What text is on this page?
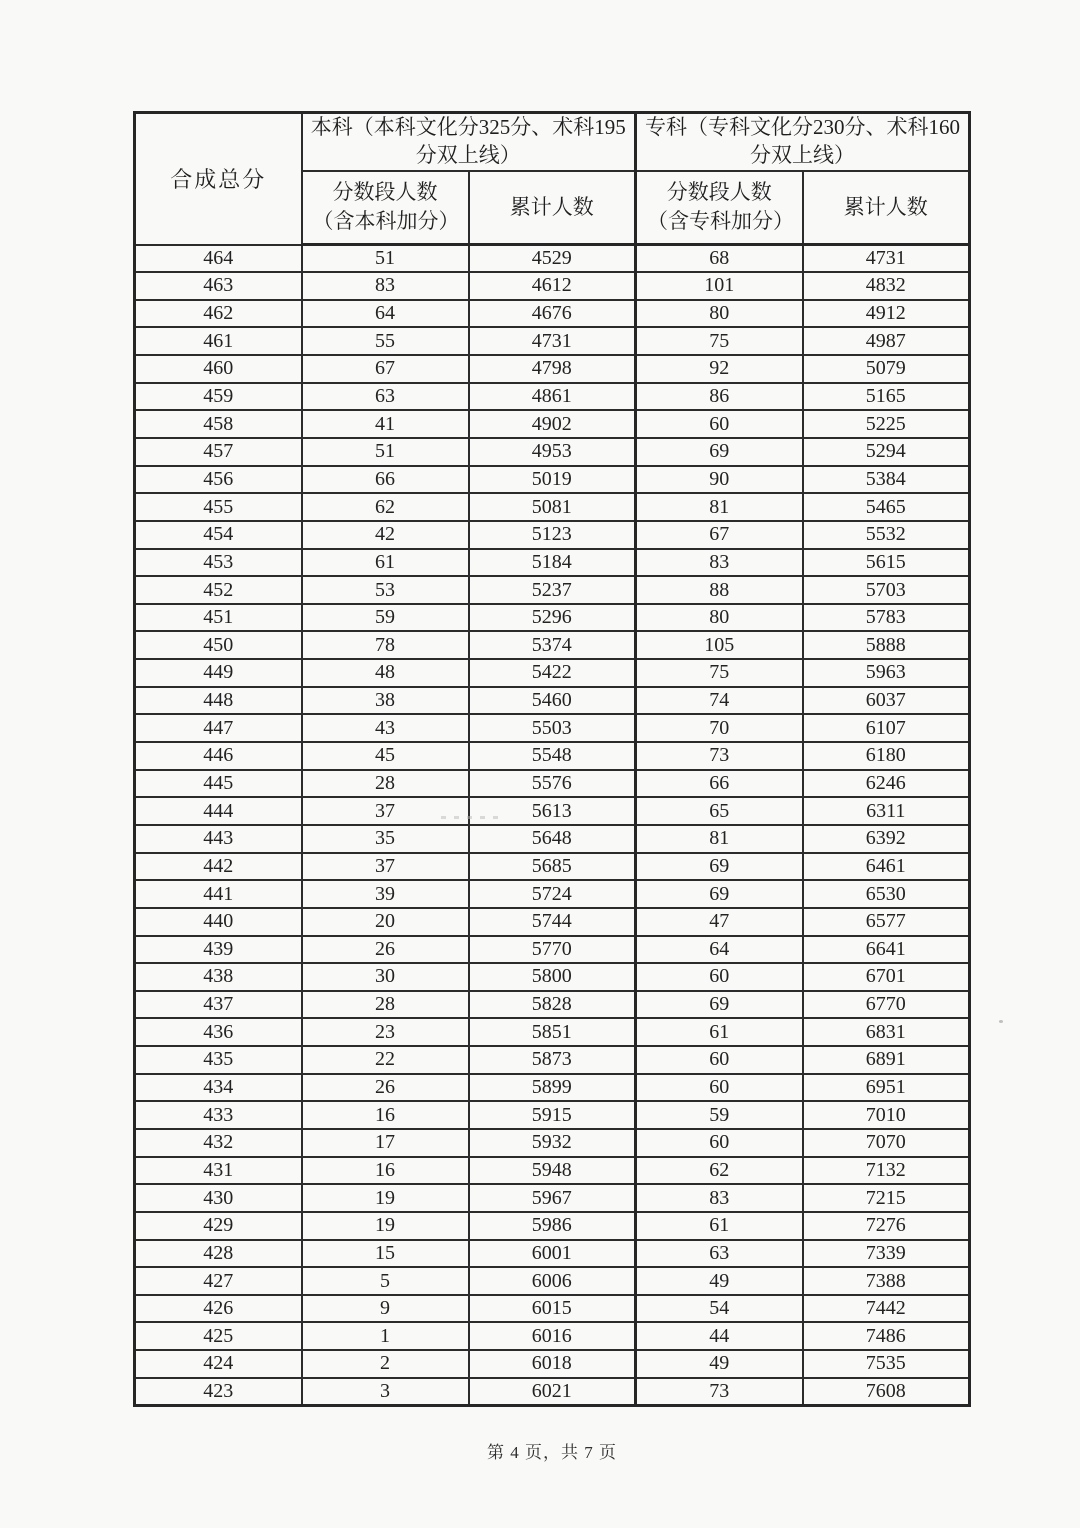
合成总分	本科（本科文化分325分、术科195分双上线）		专科（专科文化分230分、术科160分双上线）	
	分数段人数（含本科加分）	累计人数	分数段人数（含专科加分）	累计人数
464	51	4529	68	4731
463	83	4612	101	4832
462	64	4676	80	4912
461	55	4731	75	4987
460	67	4798	92	5079
459	63	4861	86	5165
458	41	4902	60	5225
457	51	4953	69	5294
456	66	5019	90	5384
455	62	5081	81	5465
454	42	5123	67	5532
453	61	5184	83	5615
452	53	5237	88	5703
451	59	5296	80	5783
450	78	5374	105	5888
449	48	5422	75	5963
448	38	5460	74	6037
447	43	5503	70	6107
446	45	5548	73	6180
445	28	5576	66	6246
444	37	5613	65	6311
443	35	5648	81	6392
442	37	5685	69	6461
441	39	5724	69	6530
440	20	5744	47	6577
439	26	5770	64	6641
438	30	5800	60	6701
437	28	5828	69	6770
436	23	5851	61	6831
435	22	5873	60	6891
434	26	5899	60	6951
433	16	5915	59	7010
432	17	5932	60	7070
431	16	5948	62	7132
430	19	5967	83	7215
429	19	5986	61	7276
428	15	6001	63	7339
427	5	6006	49	7388
426	9	6015	54	7442
425	1	6016	44	7486
424	2	6018	49	7535
423	3	6021	73	7608
第 4 页，共 7 页
